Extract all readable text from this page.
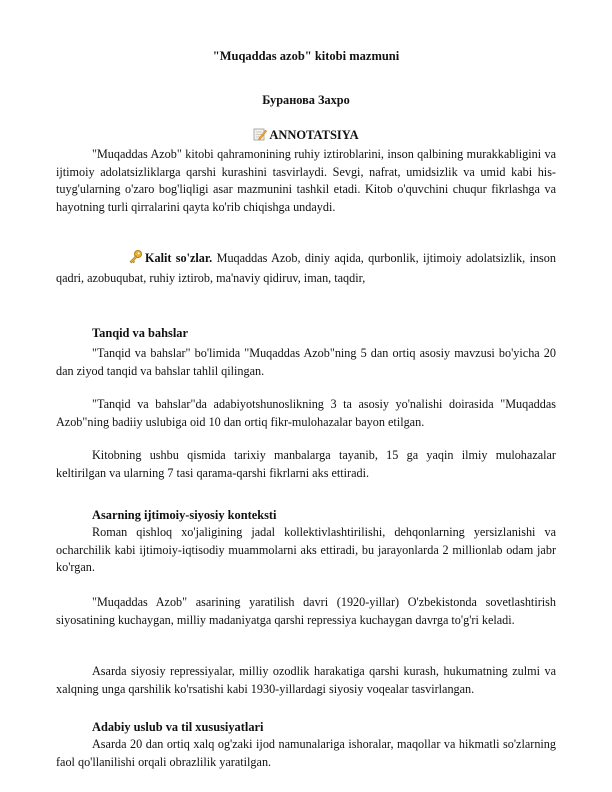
"Muqaddas azob" kitobi mazmuni
Буранова Захро
ANNOTATSIYA
"Muqaddas Azob" kitobi qahramonining ruhiy iztiroblarini, inson qalbining murakkabligini va ijtimoiy adolatsizliklarga qarshi kurashini tasvirlaydi. Sevgi, nafrat, umidsizlik va umid kabi his-tuyg'ularning o'zaro bog'liqligi asar mazmunini tashkil etadi. Kitob o'quvchini chuqur fikrlashga va hayotning turli qirralarini qayta ko'rib chiqishga undaydi.
Kalit so'zlar. Muqaddas Azob, diniy aqida, qurbonlik, ijtimoiy adolatsizlik, inson qadri, azobuqubat, ruhiy iztirob, ma'naviy qidiruv, iman, taqdir,
Tanqid va bahslar
"Tanqid va bahslar" bo'limida "Muqaddas Azob"ning 5 dan ortiq asosiy mavzusi bo'yicha 20 dan ziyod tanqid va bahslar tahlil qilingan.
"Tanqid va bahslar"da adabiyotshunoslikning 3 ta asosiy yo'nalishi doirasida "Muqaddas Azob"ning badiiy uslubiga oid 10 dan ortiq fikr-mulohazalar bayon etilgan.
Kitobning ushbu qismida tarixiy manbalarga tayanib, 15 ga yaqin ilmiy mulohazalar keltirilgan va ularning 7 tasi qarama-qarshi fikrlarni aks ettiradi.
Asarning ijtimoiy-siyosiy konteksti
Roman qishloq xo'jaligining jadal kollektivlashtirilishi, dehqonlarning yersizlanishi va ocharchilik kabi ijtimoiy-iqtisodiy muammolarni aks ettiradi, bu jarayonlarda 2 millionlab odam jabr ko'rgan.
"Muqaddas Azob" asarining yaratilish davri (1920-yillar) O'zbekistonda sovetlashtirish siyosatining kuchaygan, milliy madaniyatga qarshi repressiya kuchaygan davrga to'g'ri keladi.
Asarda siyosiy repressiyalar, milliy ozodlik harakatiga qarshi kurash, hukumatning zulmi va xalqning unga qarshilik ko'rsatishi kabi 1930-yillardagi siyosiy voqealar tasvirlangan.
Adabiy uslub va til xususiyatlari
Asarda 20 dan ortiq xalq og'zaki ijod namunalariga ishoralar, maqollar va hikmatli so'zlarning faol qo'llanilishi orqali obrazlilik yaratilgan.
